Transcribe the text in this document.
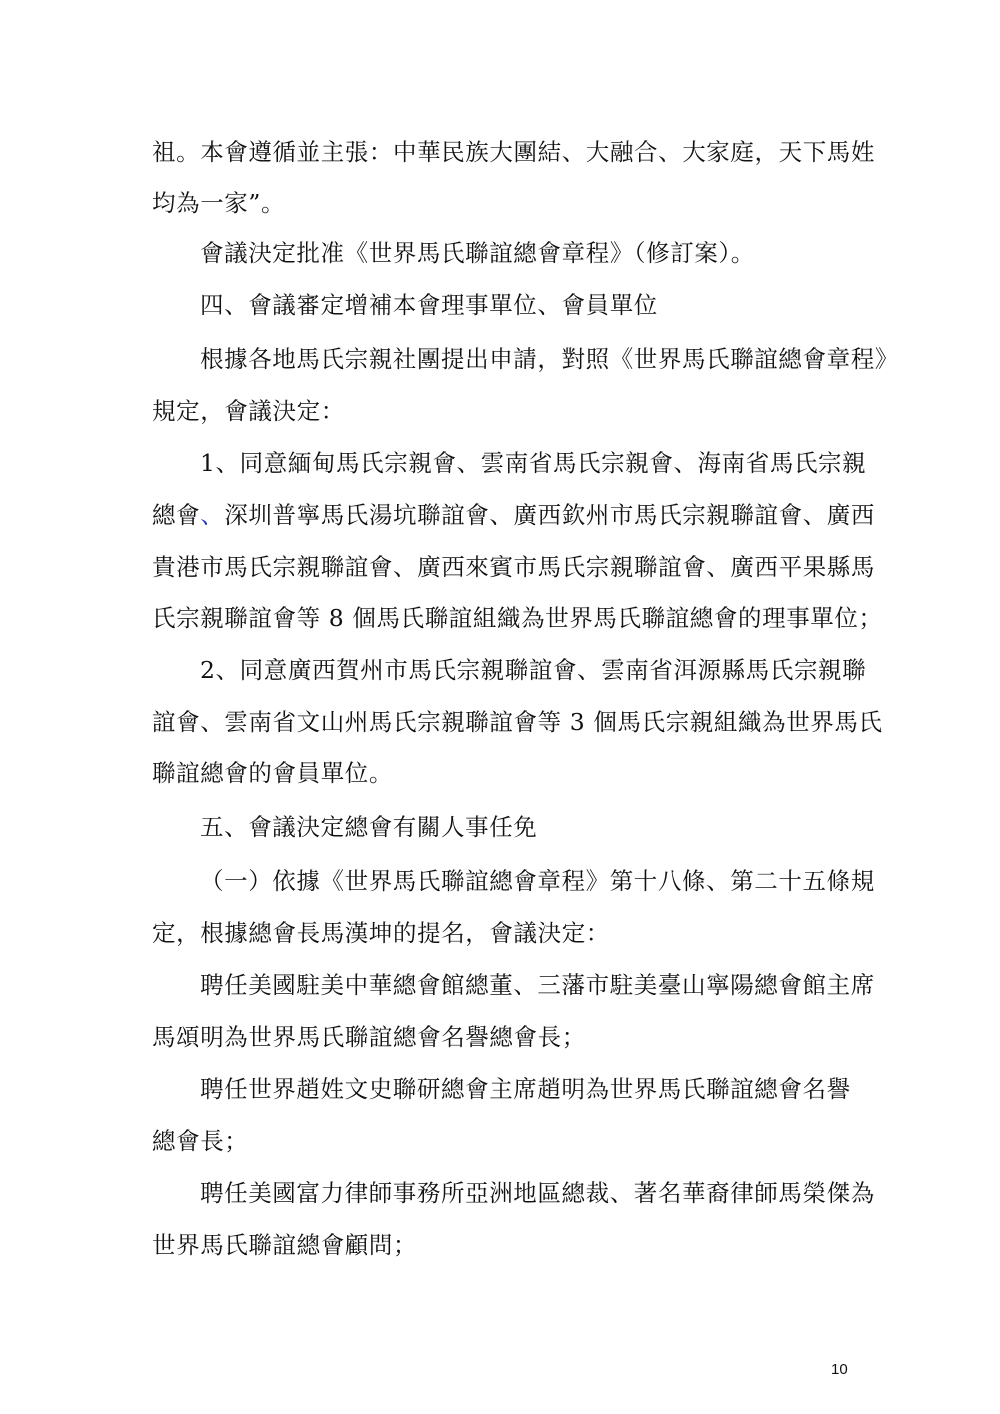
祖。本會遵循並主張：中華民族大團結、大融合、大家庭，天下馬姓
均為一家”。
會議決定批准《世界馬氏聯誼總會章程》（修訂案）。
四、會議審定增補本會理事單位、會員單位
根據各地馬氏宗親社團提出申請，對照《世界馬氏聯誼總會章程》
規定，會議決定：
1、同意緬甸馬氏宗親會、雲南省馬氏宗親會、海南省馬氏宗親
總會、深圳普寧馬氏湯坑聯誼會、廣西欽州市馬氏宗親聯誼會、廣西
貴港市馬氏宗親聯誼會、廣西來賓市馬氏宗親聯誼會、廣西平果縣馬
氏宗親聯誼會等 8 個馬氏聯誼組織為世界馬氏聯誼總會的理事單位；
2、同意廣西賀州市馬氏宗親聯誼會、雲南省洱源縣馬氏宗親聯
誼會、雲南省文山州馬氏宗親聯誼會等 3 個馬氏宗親組織為世界馬氏
聯誼總會的會員單位。
五、會議決定總會有關人事任免
（一）依據《世界馬氏聯誼總會章程》第十八條、第二十五條規
定，根據總會長馬漢坤的提名，會議決定：
聘任美國駐美中華總會館總董、三藩市駐美臺山寧陽總會館主席
馬頌明為世界馬氏聯誼總會名譽總會長；
聘任世界趙姓文史聯研總會主席趙明為世界馬氏聯誼總會名譽
總會長；
聘任美國富力律師事務所亞洲地區總裁、著名華裔律師馬榮傑為
世界馬氏聯誼總會顧問；
10
